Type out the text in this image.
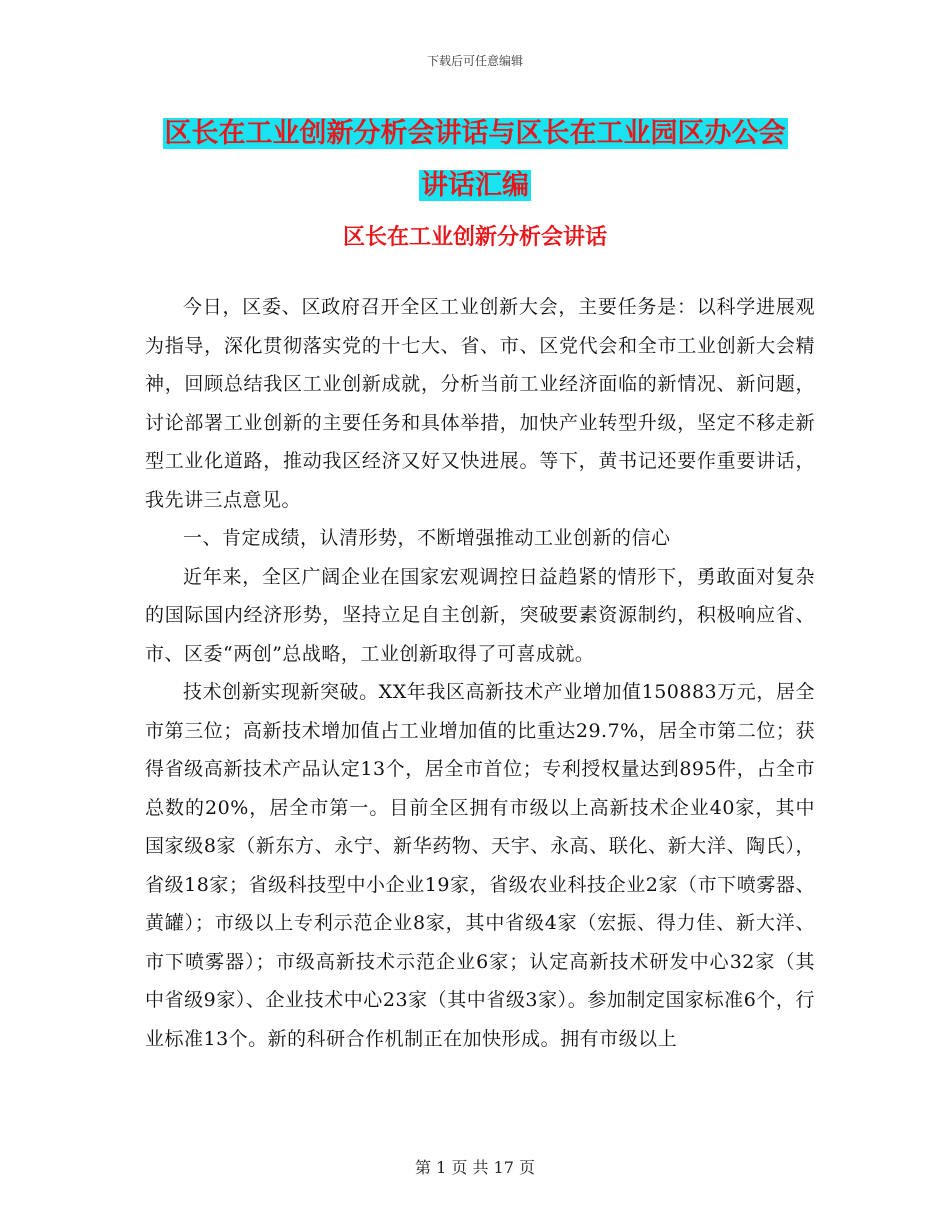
下载后可任意编辑
区长在工业创新分析会讲话与区长在工业园区办公会
讲话汇编
区长在工业创新分析会讲话

今日，区委、区政府召开全区工业创新大会，主要任务是：以科学进展观为指导，深化贯彻落实党的十七大、省、市、区党代会和全市工业创新大会精神，回顾总结我区工业创新成就，分析当前工业经济面临的新情况、新问题，讨论部署工业创新的主要任务和具体举措，加快产业转型升级，坚定不移走新型工业化道路，推动我区经济又好又快进展。等下，黄书记还要作重要讲话，我先讲三点意见。

一、肯定成绩，认清形势，不断增强推动工业创新的信心

近年来，全区广阔企业在国家宏观调控日益趋紧的情形下，勇敢面对复杂的国际国内经济形势，坚持立足自主创新，突破要素资源制约，积极响应省、市、区委“两创”总战略，工业创新取得了可喜成就。

技术创新实现新突破。XX年我区高新技术产业增加值150883万元，居全市第三位；高新技术增加值占工业增加值的比重达29.7%，居全市第二位；获得省级高新技术产品认定13个，居全市首位；专利授权量达到895件，占全市总数的20%，居全市第一。目前全区拥有市级以上高新技术企业40家，其中国家级8家（新东方、永宁、新华药物、天宇、永高、联化、新大洋、陶氏），省级18家；省级科技型中小企业19家，省级农业科技企业2家（市下喷雾器、黄罐）；市级以上专利示范企业8家，其中省级4家（宏振、得力佳、新大洋、市下喷雾器）；市级高新技术示范企业6家；认定高新技术研发中心32家（其中省级9家）、企业技术中心23家（其中省级3家）。参加制定国家标准6个，行业标准13个。新的科研合作机制正在加快形成。拥有市级以上

第 1 页 共 17 页
